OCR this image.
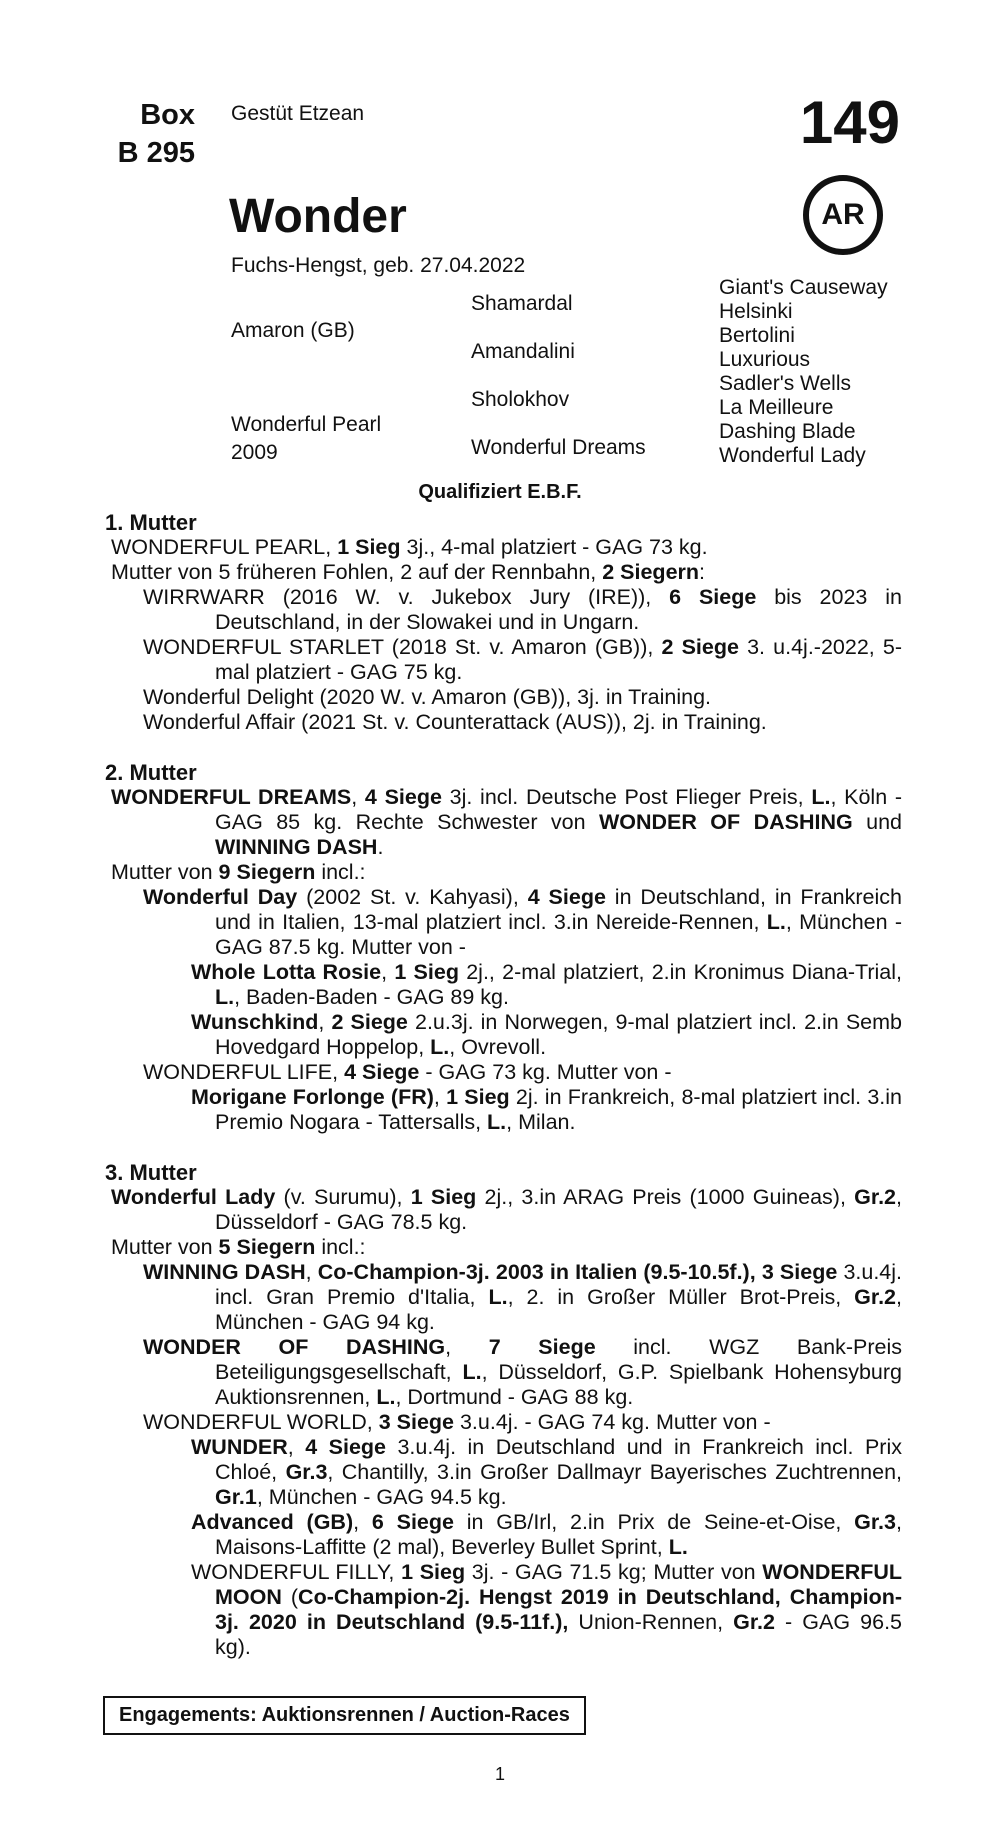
Box
B 295
Gestüt Etzean	149
AR
Wonder
Fuchs-Hengst, geb. 27.04.2022
Amaron (GB)
Wonderful Pearl
2009
Shamardal
Amandalini
Sholokhov
Wonderful Dreams
Giant's Causeway
Helsinki
Bertolini
Luxurious
Sadler's Wells
La Meilleure
Dashing Blade
Wonderful Lady
Qualifiziert E.B.F.

1. Mutter

WONDERFUL PEARL, 1 Sieg 3j., 4-mal platziert - GAG 73 kg.

Mutter von 5 früheren Fohlen, 2 auf der Rennbahn, 2 Siegern:

WIRRWARR (2016 W. v. Jukebox Jury (IRE)), 6 Siege bis 2023 in Deutschland, in der Slowakei und in Ungarn.

WONDERFUL STARLET (2018 St. v. Amaron (GB)), 2 Siege 3. u.4j.-2022, 5-mal platziert - GAG 75 kg.

Wonderful Delight (2020 W. v. Amaron (GB)), 3j. in Training.

Wonderful Affair (2021 St. v. Counterattack (AUS)), 2j. in Training.

2. Mutter

WONDERFUL DREAMS, 4 Siege 3j. incl. Deutsche Post Flieger Preis, L., Köln - GAG 85 kg. Rechte Schwester von WONDER OF DASHING und WINNING DASH.

Mutter von 9 Siegern incl.:

Wonderful Day (2002 St. v. Kahyasi), 4 Siege in Deutschland, in Frankreich und in Italien, 13-mal platziert incl. 3.in Nereide-Rennen, L., München - GAG 87.5 kg. Mutter von -

Whole Lotta Rosie, 1 Sieg 2j., 2-mal platziert, 2.in Kronimus Diana-Trial, L., Baden-Baden - GAG 89 kg.

Wunschkind, 2 Siege 2.u.3j. in Norwegen, 9-mal platziert incl. 2.in Semb Hovedgard Hoppelop, L., Ovrevoll.

WONDERFUL LIFE, 4 Siege - GAG 73 kg. Mutter von -

Morigane Forlonge (FR), 1 Sieg 2j. in Frankreich, 8-mal platziert incl. 3.in Premio Nogara - Tattersalls, L., Milan.

3. Mutter

Wonderful Lady (v. Surumu), 1 Sieg 2j., 3.in ARAG Preis (1000 Guineas), Gr.2, Düsseldorf - GAG 78.5 kg.

Mutter von 5 Siegern incl.:

WINNING DASH, Co-Champion-3j. 2003 in Italien (9.5-10.5f.), 3 Siege 3.u.4j. incl. Gran Premio d'Italia, L., 2. in Großer Müller Brot-Preis, Gr.2, München - GAG 94 kg.

WONDER OF DASHING, 7 Siege incl. WGZ Bank-Preis Beteiligungsgesellschaft, L., Düsseldorf, G.P. Spielbank Hohensyburg Auktionsrennen, L., Dortmund - GAG 88 kg.

WONDERFUL WORLD, 3 Siege 3.u.4j. - GAG 74 kg. Mutter von -

WUNDER, 4 Siege 3.u.4j. in Deutschland und in Frankreich incl. Prix Chloé, Gr.3, Chantilly, 3.in Großer Dallmayr Bayerisches Zuchtrennen, Gr.1, München - GAG 94.5 kg.

Advanced (GB), 6 Siege in GB/Irl, 2.in Prix de Seine-et-Oise, Gr.3, Maisons-Laffitte (2 mal), Beverley Bullet Sprint, L.

WONDERFUL FILLY, 1 Sieg 3j. - GAG 71.5 kg; Mutter von WONDERFUL MOON (Co-Champion-2j. Hengst 2019 in Deutschland, Champion-3j. 2020 in Deutschland (9.5-11f.), Union-Rennen, Gr.2 - GAG 96.5 kg).

Engagements: Auktionsrennen / Auction-Races
1
